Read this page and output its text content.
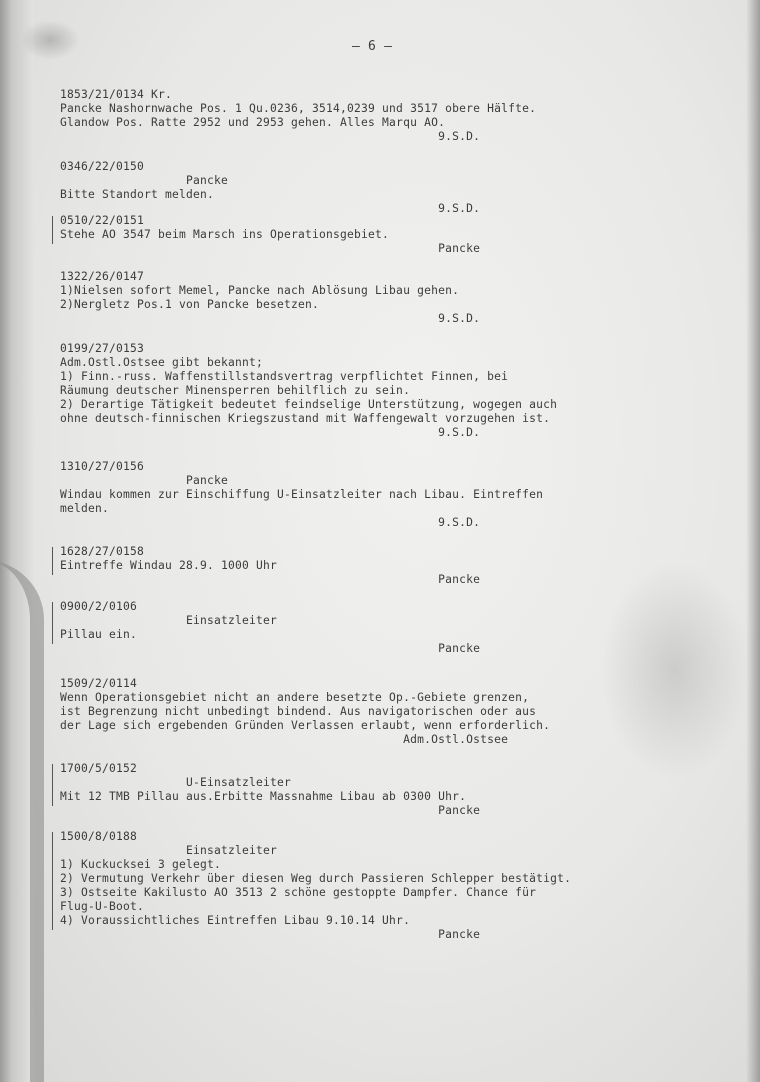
– 6 –
1853/21/0134 Kr.
Pancke Nashornwache Pos. 1 Qu.0236, 3514,0239 und 3517 obere Hälfte.
Glandow Pos. Ratte 2952 und 2953 gehen. Alles Marqu AO.
9.S.D.
0346/22/0150
Pancke
Bitte Standort melden.
9.S.D.
0510/22/0151
Stehe AO 3547 beim Marsch ins Operationsgebiet.
Pancke
1322/26/0147
1)Nielsen sofort Memel, Pancke nach Ablösung Libau gehen.
2)Nergletz Pos.1 von Pancke besetzen.
9.S.D.
0199/27/0153
Adm.Ostl.Ostsee gibt bekannt;
1) Finn.-russ. Waffenstillstandsvertrag verpflichtet Finnen, bei
Räumung deutscher Minensperren behilflich zu sein.
2) Derartige Tätigkeit bedeutet feindselige Unterstützung, wogegen auch
ohne deutsch-finnischen Kriegszustand mit Waffengewalt vorzugehen ist.
9.S.D.
1310/27/0156
Pancke
Windau kommen zur Einschiffung U-Einsatzleiter nach Libau. Eintreffen
melden.
9.S.D.
1628/27/0158
Eintreffe Windau 28.9. 1000 Uhr
Pancke
0900/2/0106
Einsatzleiter
Pillau ein.
Pancke
1509/2/0114
Wenn Operationsgebiet nicht an andere besetzte Op.-Gebiete grenzen,
ist Begrenzung nicht unbedingt bindend. Aus navigatorischen oder aus
der Lage sich ergebenden Gründen Verlassen erlaubt, wenn erforderlich.
Adm.Ostl.Ostsee
1700/5/0152
U-Einsatzleiter
Mit 12 TMB Pillau aus.Erbitte Massnahme Libau ab 0300 Uhr.
Pancke
1500/8/0188
Einsatzleiter
1) Kuckucksei 3 gelegt.
2) Vermutung Verkehr über diesen Weg durch Passieren Schlepper bestätigt.
3) Ostseite Kakilusto AO 3513 2 schöne gestoppte Dampfer. Chance für
Flug-U-Boot.
4) Voraussichtliches Eintreffen Libau 9.10.14 Uhr.
Pancke
